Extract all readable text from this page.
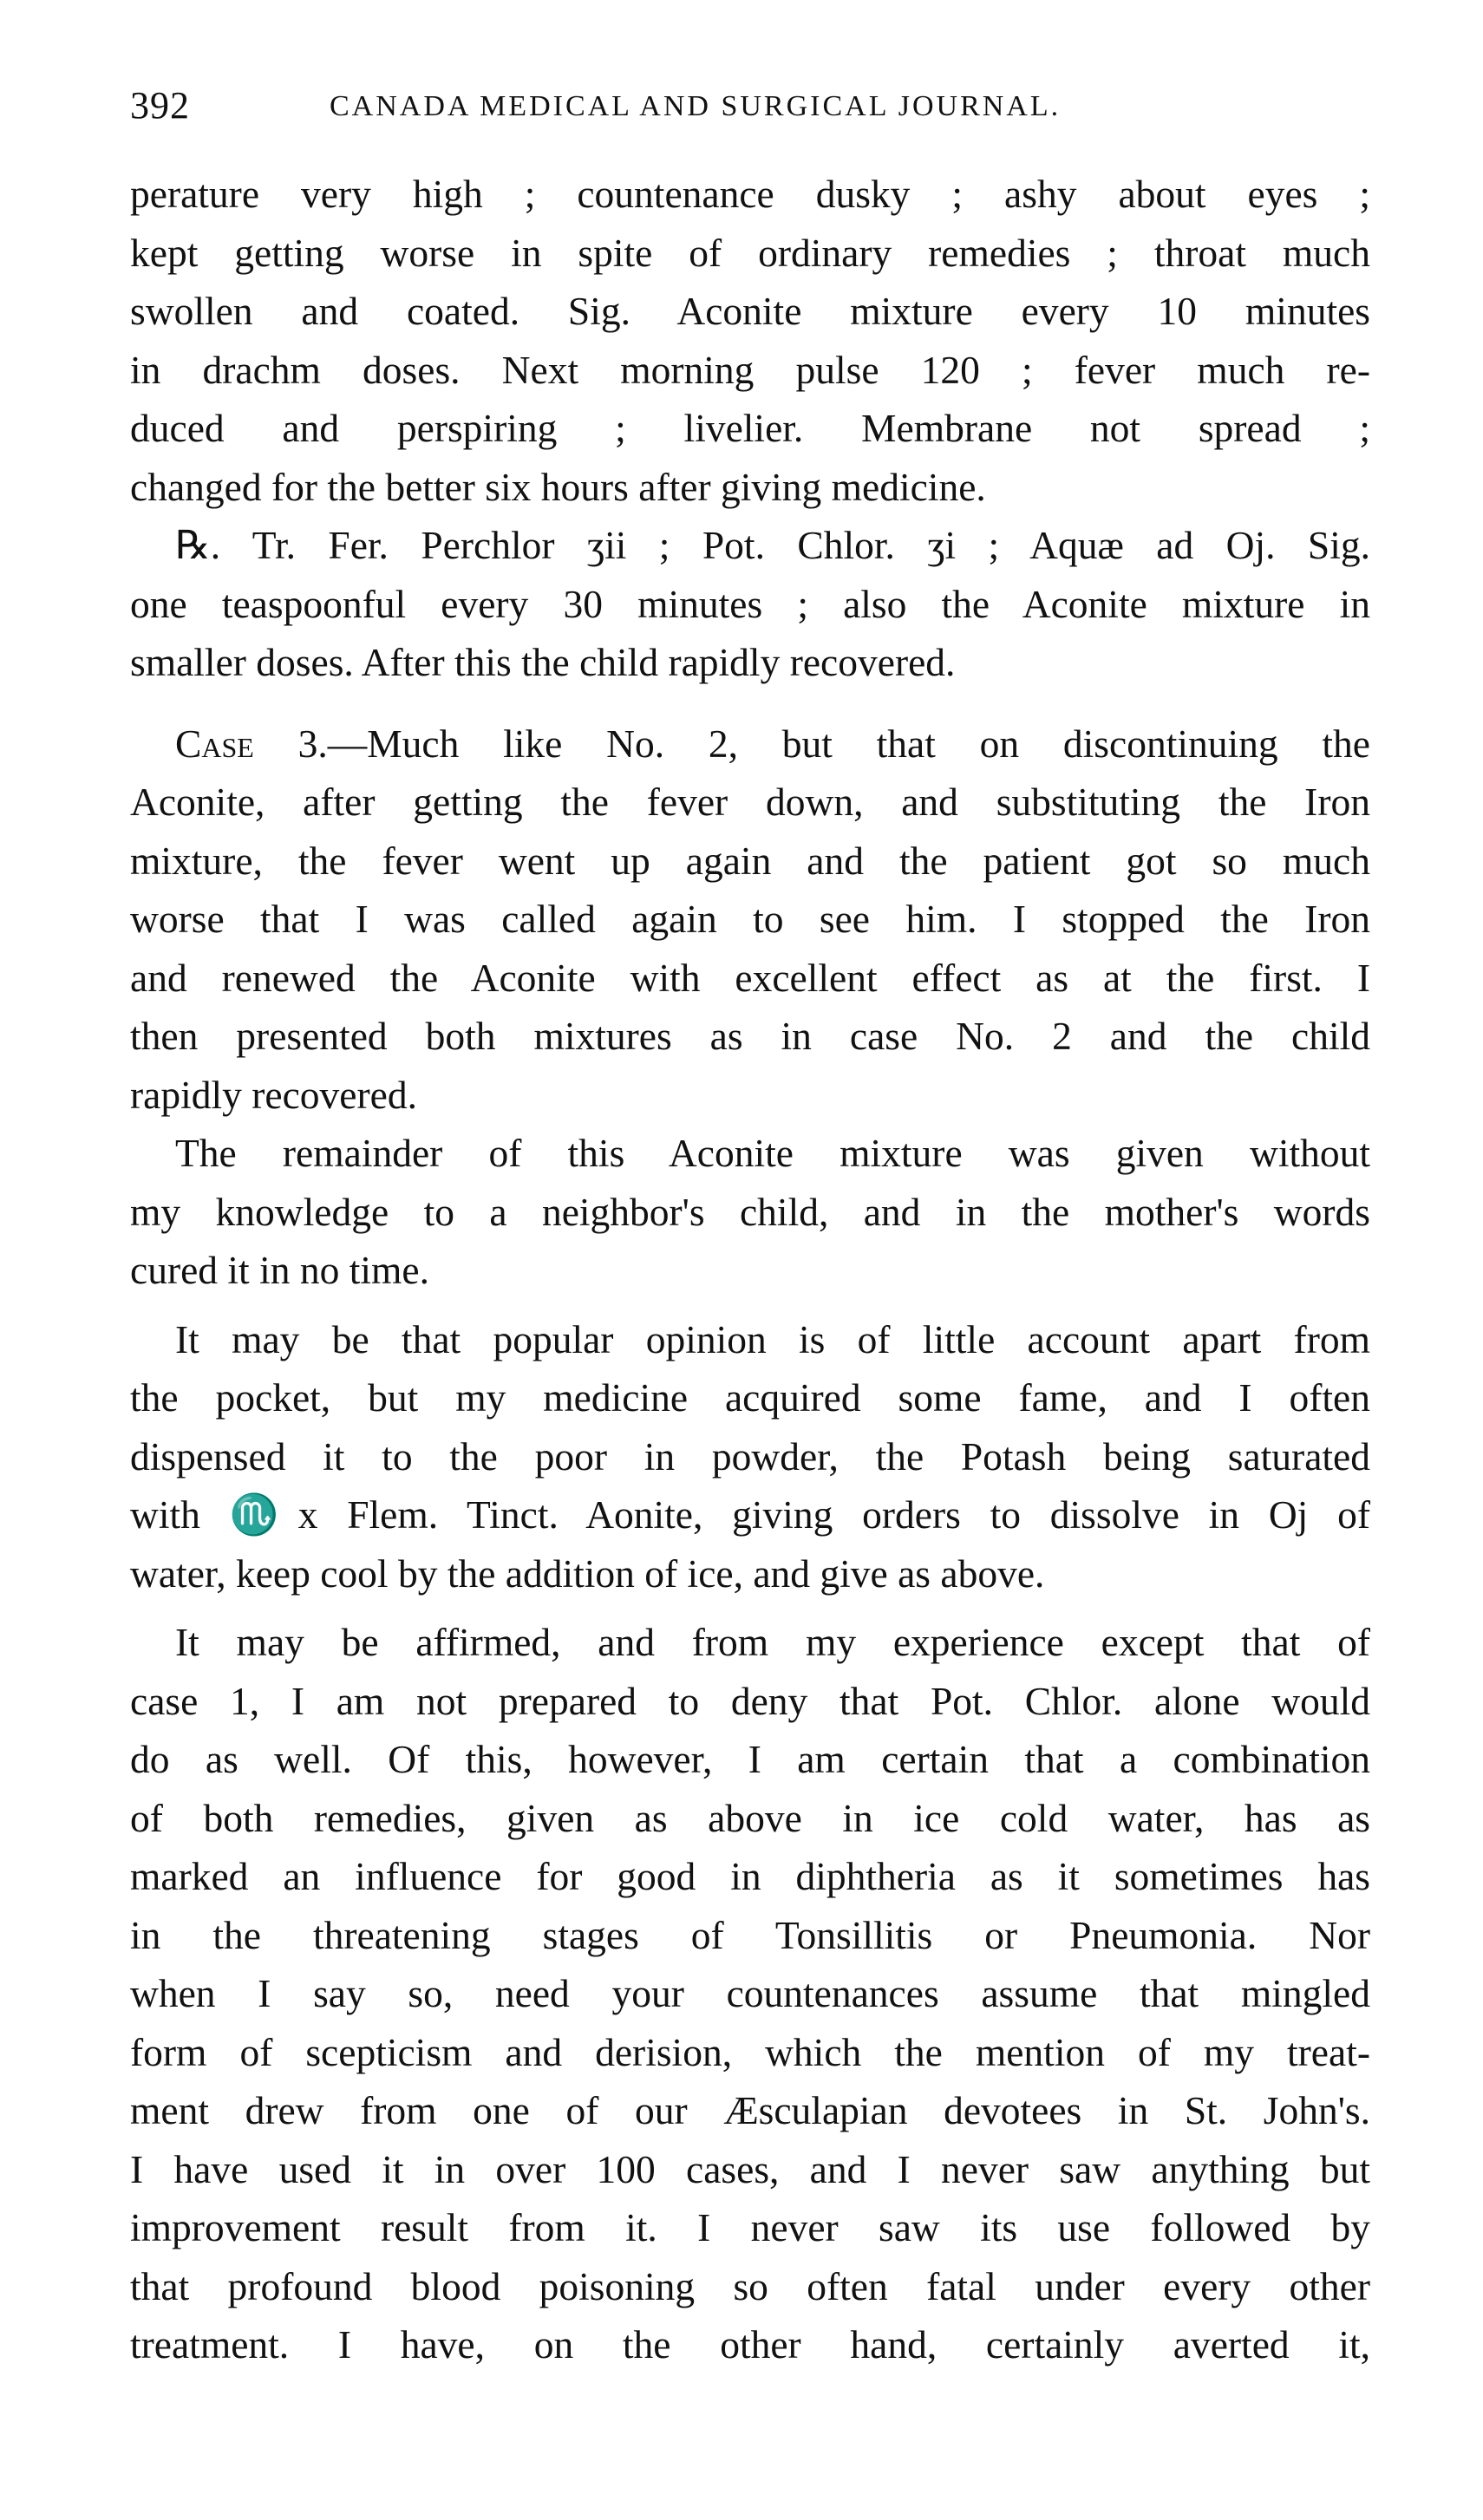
392	CANADA MEDICAL AND SURGICAL JOURNAL.
perature very high ; countenance dusky ; ashy about eyes ;
kept getting worse in spite of ordinary remedies ; throat much
swollen and coated. Sig. Aconite mixture every 10 minutes
in drachm doses. Next morning pulse 120 ; fever much re-
duced and perspiring ; livelier. Membrane not spread ;
changed for the better six hours after giving medicine.
℞. Tr. Fer. Perchlor ʒii ; Pot. Chlor. ʒi ; Aquæ ad Oj. Sig.
one teaspoonful every 30 minutes ; also the Aconite mixture in
smaller doses. After this the child rapidly recovered.
Case 3.—Much like No. 2, but that on discontinuing the
Aconite, after getting the fever down, and substituting the Iron
mixture, the fever went up again and the patient got so much
worse that I was called again to see him. I stopped the Iron
and renewed the Aconite with excellent effect as at the first. I
then presented both mixtures as in case No. 2 and the child
rapidly recovered.
The remainder of this Aconite mixture was given without
my knowledge to a neighbor's child, and in the mother's words
cured it in no time.
It may be that popular opinion is of little account apart from
the pocket, but my medicine acquired some fame, and I often
dispensed it to the poor in powder, the Potash being saturated
with ♏x Flem. Tinct. Aonite, giving orders to dissolve in Oj of
water, keep cool by the addition of ice, and give as above.
It may be affirmed, and from my experience except that of
case 1, I am not prepared to deny that Pot. Chlor. alone would
do as well. Of this, however, I am certain that a combination
of both remedies, given as above in ice cold water, has as
marked an influence for good in diphtheria as it sometimes has
in the threatening stages of Tonsillitis or Pneumonia. Nor
when I say so, need your countenances assume that mingled
form of scepticism and derision, which the mention of my treat-
ment drew from one of our Æsculapian devotees in St. John's.
I have used it in over 100 cases, and I never saw anything but
improvement result from it. I never saw its use followed by
that profound blood poisoning so often fatal under every other
treatment. I have, on the other hand, certainly averted it,
